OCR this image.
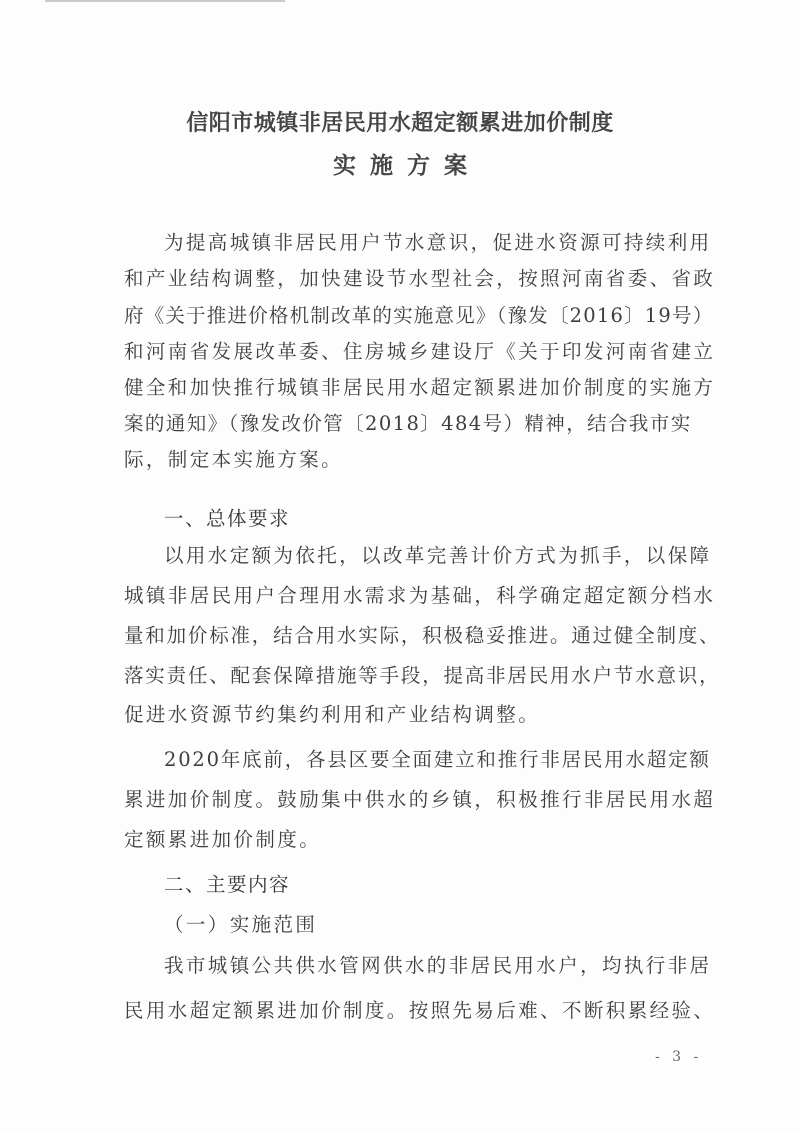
信阳市城镇非居民用水超定额累进加价制度
实施方案
为提高城镇非居民用户节水意识，促进水资源可持续利用
和产业结构调整，加快建设节水型社会，按照河南省委、省政
府《关于推进价格机制改革的实施意见》（豫发〔2016〕19号）
和河南省发展改革委、住房城乡建设厅《关于印发河南省建立
健全和加快推行城镇非居民用水超定额累进加价制度的实施方
案的通知》（豫发改价管〔2018〕484号）精神，结合我市实
际，制定本实施方案。
一、总体要求
以用水定额为依托，以改革完善计价方式为抓手，以保障
城镇非居民用户合理用水需求为基础，科学确定超定额分档水
量和加价标准，结合用水实际，积极稳妥推进。通过健全制度、
落实责任、配套保障措施等手段，提高非居民用水户节水意识，
促进水资源节约集约利用和产业结构调整。
2020年底前，各县区要全面建立和推行非居民用水超定额
累进加价制度。鼓励集中供水的乡镇，积极推行非居民用水超
定额累进加价制度。
二、主要内容
（一）实施范围
我市城镇公共供水管网供水的非居民用水户，均执行非居
民用水超定额累进加价制度。按照先易后难、不断积累经验、
- 3 -
